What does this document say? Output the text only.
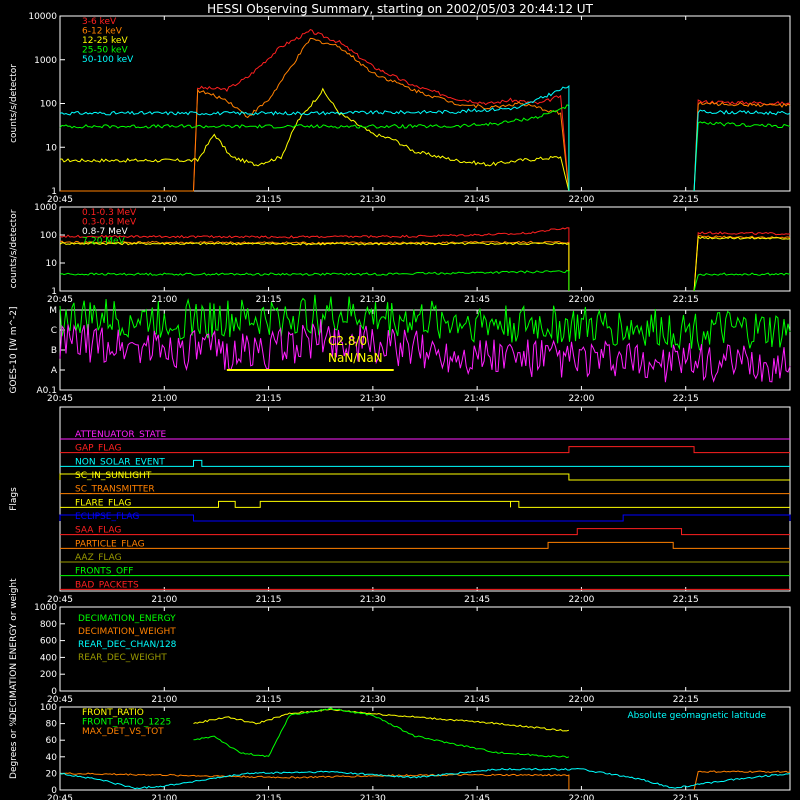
HESSI Observing Summary, starting on 2002/05/03 20:44:12 UT
20:45	21:00	21:15	21:30	21:45	22:00	22:15
counts/s/detector
1
10
100
1000
10000	3-6 keV
6-12 keV
12-25 keV
25-50 keV
50-100 keV
20:45	21:00	21:15	21:30	21:45	22:00	22:15
counts/s/detector
1
10
100
1000	0.1-0.3 MeV
0.3-0.8 MeV
0.8-7 MeV
7-20 MeV
20:45	21:00	21:15	21:30	21:45	22:00	22:15
GOES-10 [W m^-2] A0.1
A
B
C
M
C2.8/0
NaN/NaN
20:45	21:00	21:15	21:30	21:45	22:00	22:15
Flags
ATTENUATOR_STATE
GAP_FLAG
NON_SOLAR_EVENT
SC_IN_SUNLIGHT
SC_TRANSMITTER
FLARE_FLAG
ECLIPSE_FLAG
SAA_FLAG
PARTICLE_FLAG
AAZ_FLAG
FRONTS_OFF
BAD_PACKETS
20:45	21:00	21:15	21:30	21:45	22:00	22:15
DECIMATION ENERGY or weight	0
200
400
600
800
1000
DECIMATION_ENERGY
DECIMATION_WEIGHT
REAR_DEC_CHAN/128
REAR_DEC_WEIGHT
20:45	21:00	21:15	21:30	21:45	22:00	22:15
Degrees or %
0
20
40
60
80
100	FRONT_RATIO
FRONT_RATIO_1225
MAX_DET_VS_TOT
Absolute geomagnetic latitude
